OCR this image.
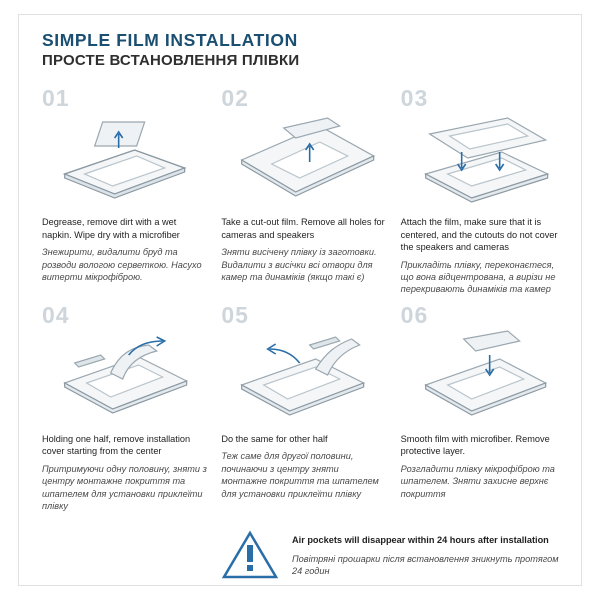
SIMPLE FILM INSTALLATION
ПРОСТЕ ВСТАНОВЛЕННЯ ПЛІВКИ
01
Degrease, remove dirt with a wet napkin. Wipe dry with a microfiber
Знежирити, видалити бруд та розводи вологою серветкою. Насухо витерти мікрофіброю.
02
Take a cut-out film. Remove all holes for cameras and speakers
Зняти висічену плівку із заготовки. Видалити з висічки всі отвори для камер та динаміків (якщо такі є)
03
Attach the film, make sure that it is centered, and the cutouts do not cover the speakers and cameras
Прикладіть плівку, переконаєтеся, що вона відцентрована, а вирізи не перекривають динаміків та камер
04
Holding one half, remove installation cover starting from the center
Притримуючи одну половину, зняти з центру монтажне покриття та шпателем для установки приклеїти плівку
05
Do the same for other half
Теж саме для другої половини, починаючи з центру зняти монтажне покриття та шпателем для установки приклеїти плівку
06
Smooth film with microfiber. Remove protective layer.
Розгладити плівку мікрофіброю та шпателем. Зняти захисне верхнє покриття
Air pockets will disappear within 24 hours after installation
Повітряні прошарки після встановлення зникнуть протягом 24 годин
